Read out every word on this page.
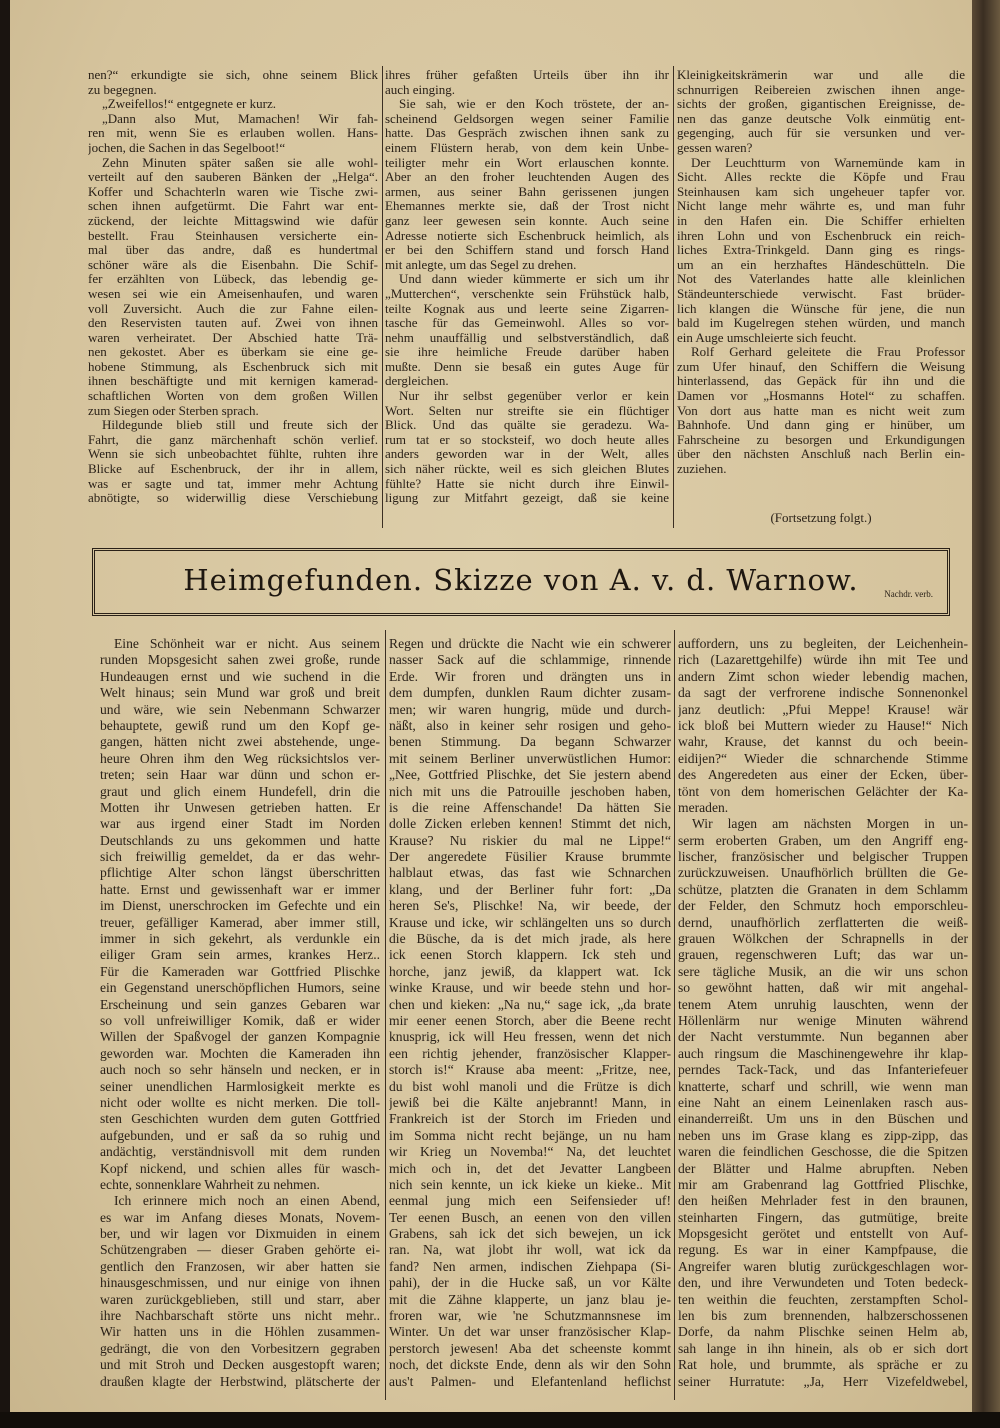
nen?“ erkundigte sie sich, ohne seinem Blick
zu begegnen.
„Zweifellos!“ entgegnete er kurz.
„Dann also Mut, Mamachen! Wir fah-
ren mit, wenn Sie es erlauben wollen. Hans-
jochen, die Sachen in das Segelboot!“
Zehn Minuten später saßen sie alle wohl-
verteilt auf den sauberen Bänken der „Helga“.
Koffer und Schachterln waren wie Tische zwi-
schen ihnen aufgetürmt. Die Fahrt war ent-
zückend, der leichte Mittagswind wie dafür
bestellt. Frau Steinhausen versicherte ein-
mal über das andre, daß es hundertmal
schöner wäre als die Eisenbahn. Die Schif-
fer erzählten von Lübeck, das lebendig ge-
wesen sei wie ein Ameisenhaufen, und waren
voll Zuversicht. Auch die zur Fahne eilen-
den Reservisten tauten auf. Zwei von ihnen
waren verheiratet. Der Abschied hatte Trä-
nen gekostet. Aber es überkam sie eine ge-
hobene Stimmung, als Eschenbruck sich mit
ihnen beschäftigte und mit kernigen kamerad-
schaftlichen Worten von dem großen Willen
zum Siegen oder Sterben sprach.
Hildegunde blieb still und freute sich der
Fahrt, die ganz märchenhaft schön verlief.
Wenn sie sich unbeobachtet fühlte, ruhten ihre
Blicke auf Eschenbruck, der ihr in allem,
was er sagte und tat, immer mehr Achtung
abnötigte, so widerwillig diese Verschiebung
ihres früher gefaßten Urteils über ihn ihr
auch einging.
Sie sah, wie er den Koch tröstete, der an-
scheinend Geldsorgen wegen seiner Familie
hatte. Das Gespräch zwischen ihnen sank zu
einem Flüstern herab, von dem kein Unbe-
teiligter mehr ein Wort erlauschen konnte.
Aber an den froher leuchtenden Augen des
armen, aus seiner Bahn gerissenen jungen
Ehemannes merkte sie, daß der Trost nicht
ganz leer gewesen sein konnte. Auch seine
Adresse notierte sich Eschenbruck heimlich, als
er bei den Schiffern stand und forsch Hand
mit anlegte, um das Segel zu drehen.
Und dann wieder kümmerte er sich um ihr
„Mutterchen“, verschenkte sein Frühstück halb,
teilte Kognak aus und leerte seine Zigarren-
tasche für das Gemeinwohl. Alles so vor-
nehm unauffällig und selbstverständlich, daß
sie ihre heimliche Freude darüber haben
mußte. Denn sie besaß ein gutes Auge für
dergleichen.
Nur ihr selbst gegenüber verlor er kein
Wort. Selten nur streifte sie ein flüchtiger
Blick. Und das quälte sie geradezu. Wa-
rum tat er so stocksteif, wo doch heute alles
anders geworden war in der Welt, alles
sich näher rückte, weil es sich gleichen Blutes
fühlte? Hatte sie nicht durch ihre Einwil-
ligung zur Mitfahrt gezeigt, daß sie keine
Kleinigkeitskrämerin war und alle die
schnurrigen Reibereien zwischen ihnen ange-
sichts der großen, gigantischen Ereignisse, de-
nen das ganze deutsche Volk einmütig ent-
gegenging, auch für sie versunken und ver-
gessen waren?
Der Leuchtturm von Warnemünde kam in
Sicht. Alles reckte die Köpfe und Frau
Steinhausen kam sich ungeheuer tapfer vor.
Nicht lange mehr währte es, und man fuhr
in den Hafen ein. Die Schiffer erhielten
ihren Lohn und von Eschenbruck ein reich-
liches Extra-Trinkgeld. Dann ging es rings-
um an ein herzhaftes Händeschütteln. Die
Not des Vaterlandes hatte alle kleinlichen
Ständeunterschiede verwischt. Fast brüder-
lich klangen die Wünsche für jene, die nun
bald im Kugelregen stehen würden, und manch
ein Auge umschleierte sich feucht.
Rolf Gerhard geleitete die Frau Professor
zum Ufer hinauf, den Schiffern die Weisung
hinterlassend, das Gepäck für ihn und die
Damen vor „Hosmanns Hotel“ zu schaffen.
Von dort aus hatte man es nicht weit zum
Bahnhofe. Und dann ging er hinüber, um
Fahrscheine zu besorgen und Erkundigungen
über den nächsten Anschluß nach Berlin ein-
zuziehen.
(Fortsetzung folgt.)
Heimgefunden. Skizze von A. v. d. Warnow.	Nachdr. verb.
Eine Schönheit war er nicht. Aus seinem
runden Mopsgesicht sahen zwei große, runde
Hundeaugen ernst und wie suchend in die
Welt hinaus; sein Mund war groß und breit
und wäre, wie sein Nebenmann Schwarzer
behauptete, gewiß rund um den Kopf ge-
gangen, hätten nicht zwei abstehende, unge-
heure Ohren ihm den Weg rücksichtslos ver-
treten; sein Haar war dünn und schon er-
graut und glich einem Hundefell, drin die
Motten ihr Unwesen getrieben hatten. Er
war aus irgend einer Stadt im Norden
Deutschlands zu uns gekommen und hatte
sich freiwillig gemeldet, da er das wehr-
pflichtige Alter schon längst überschritten
hatte. Ernst und gewissenhaft war er immer
im Dienst, unerschrocken im Gefechte und ein
treuer, gefälliger Kamerad, aber immer still,
immer in sich gekehrt, als verdunkle ein
eiliger Gram sein armes, krankes Herz..
Für die Kameraden war Gottfried Plischke
ein Gegenstand unerschöpflichen Humors, seine
Erscheinung und sein ganzes Gebaren war
so voll unfreiwilliger Komik, daß er wider
Willen der Spaßvogel der ganzen Kompagnie
geworden war. Mochten die Kameraden ihn
auch noch so sehr hänseln und necken, er in
seiner unendlichen Harmlosigkeit merkte es
nicht oder wollte es nicht merken. Die toll-
sten Geschichten wurden dem guten Gottfried
aufgebunden, und er saß da so ruhig und
andächtig, verständnisvoll mit dem runden
Kopf nickend, und schien alles für wasch-
echte, sonnenklare Wahrheit zu nehmen.
Ich erinnere mich noch an einen Abend,
es war im Anfang dieses Monats, Novem-
ber, und wir lagen vor Dixmuiden in einem
Schützengraben — dieser Graben gehörte ei-
gentlich den Franzosen, wir aber hatten sie
hinausgeschmissen, und nur einige von ihnen
waren zurückgeblieben, still und starr, aber
ihre Nachbarschaft störte uns nicht mehr..
Wir hatten uns in die Höhlen zusammen-
gedrängt, die von den Vorbesitzern gegraben
und mit Stroh und Decken ausgestopft waren;
draußen klagte der Herbstwind, plätscherte der
Regen und drückte die Nacht wie ein schwerer
nasser Sack auf die schlammige, rinnende
Erde. Wir froren und drängten uns in
dem dumpfen, dunklen Raum dichter zusam-
men; wir waren hungrig, müde und durch-
näßt, also in keiner sehr rosigen und geho-
benen Stimmung. Da begann Schwarzer
mit seinem Berliner unverwüstlichen Humor:
„Nee, Gottfried Plischke, det Sie jestern abend
nich mit uns die Patrouille jeschoben haben,
is die reine Affenschande! Da hätten Sie
dolle Zicken erleben kennen! Stimmt det nich,
Krause? Nu riskier du mal ne Lippe!“
Der angeredete Füsilier Krause brummte
halblaut etwas, das fast wie Schnarchen
klang, und der Berliner fuhr fort: „Da
heren Se's, Plischke! Na, wir beede, der
Krause und icke, wir schlängelten uns so durch
die Büsche, da is det mich jrade, als here
ick eenen Storch klappern. Ick steh und
horche, janz jewiß, da klappert wat. Ick
winke Krause, und wir beede stehn und hor-
chen und kieken: „Na nu,“ sage ick, „da brate
mir eener eenen Storch, aber die Beene recht
knusprig, ick will Heu fressen, wenn det nich
een richtig jehender, französischer Klapper-
storch is!“ Krause aba meent: „Fritze, nee,
du bist wohl manoli und die Frütze is dich
jewiß bei die Kälte anjebrannt! Mann, in
Frankreich ist der Storch im Frieden und
im Somma nicht recht bejänge, un nu ham
wir Krieg un Novemba!“ Na, det leuchtet
mich och in, det det Jevatter Langbeen
nich sein kennte, un ick kieke un kieke.. Mit
eenmal jung mich een Seifensieder uf!
Ter eenen Busch, an eenen von den villen
Grabens, sah ick det sich bewejen, un ick
ran. Na, wat jlobt ihr woll, wat ick da
fand? Nen armen, indischen Ziehpapa (Si-
pahi), der in die Hucke saß, un vor Kälte
mit die Zähne klapperte, un janz blau je-
froren war, wie 'ne Schutzmannsnese im
Winter. Un det war unser französischer Klap-
perstorch jewesen! Aba det scheenste kommt
noch, det dickste Ende, denn als wir den Sohn
aus't Palmen- und Elefantenland heflichst
auffordern, uns zu begleiten, der Leichenhein-
rich (Lazarettgehilfe) würde ihn mit Tee und
andern Zimt schon wieder lebendig machen,
da sagt der verfrorene indische Sonnenonkel
janz deutlich: „Pfui Meppe! Krause! wär
ick bloß bei Muttern wieder zu Hause!“ Nich
wahr, Krause, det kannst du och beein-
eidijen?“ Wieder die schnarchende Stimme
des Angeredeten aus einer der Ecken, über-
tönt von dem homerischen Gelächter der Ka-
meraden.
Wir lagen am nächsten Morgen in un-
serm eroberten Graben, um den Angriff eng-
lischer, französischer und belgischer Truppen
zurückzuweisen. Unaufhörlich brüllten die Ge-
schütze, platzten die Granaten in dem Schlamm
der Felder, den Schmutz hoch emporschleu-
dernd, unaufhörlich zerflatterten die weiß-
grauen Wölkchen der Schrapnells in der
grauen, regenschweren Luft; das war un-
sere tägliche Musik, an die wir uns schon
so gewöhnt hatten, daß wir mit angehal-
tenem Atem unruhig lauschten, wenn der
Höllenlärm nur wenige Minuten während
der Nacht verstummte. Nun begannen aber
auch ringsum die Maschinengewehre ihr klap-
perndes Tack-Tack, und das Infanteriefeuer
knatterte, scharf und schrill, wie wenn man
eine Naht an einem Leinenlaken rasch aus-
einanderreißt. Um uns in den Büschen und
neben uns im Grase klang es zipp-zipp, das
waren die feindlichen Geschosse, die die Spitzen
der Blätter und Halme abrupften. Neben
mir am Grabenrand lag Gottfried Plischke,
den heißen Mehrlader fest in den braunen,
steinharten Fingern, das gutmütige, breite
Mopsgesicht gerötet und entstellt von Auf-
regung. Es war in einer Kampfpause, die
Angreifer waren blutig zurückgeschlagen wor-
den, und ihre Verwundeten und Toten bedeck-
ten weithin die feuchten, zerstampften Schol-
len bis zum brennenden, halbzerschossenen
Dorfe, da nahm Plischke seinen Helm ab,
sah lange in ihn hinein, als ob er sich dort
Rat hole, und brummte, als spräche er zu
seiner Hurratute: „Ja, Herr Vizefeldwebel,
